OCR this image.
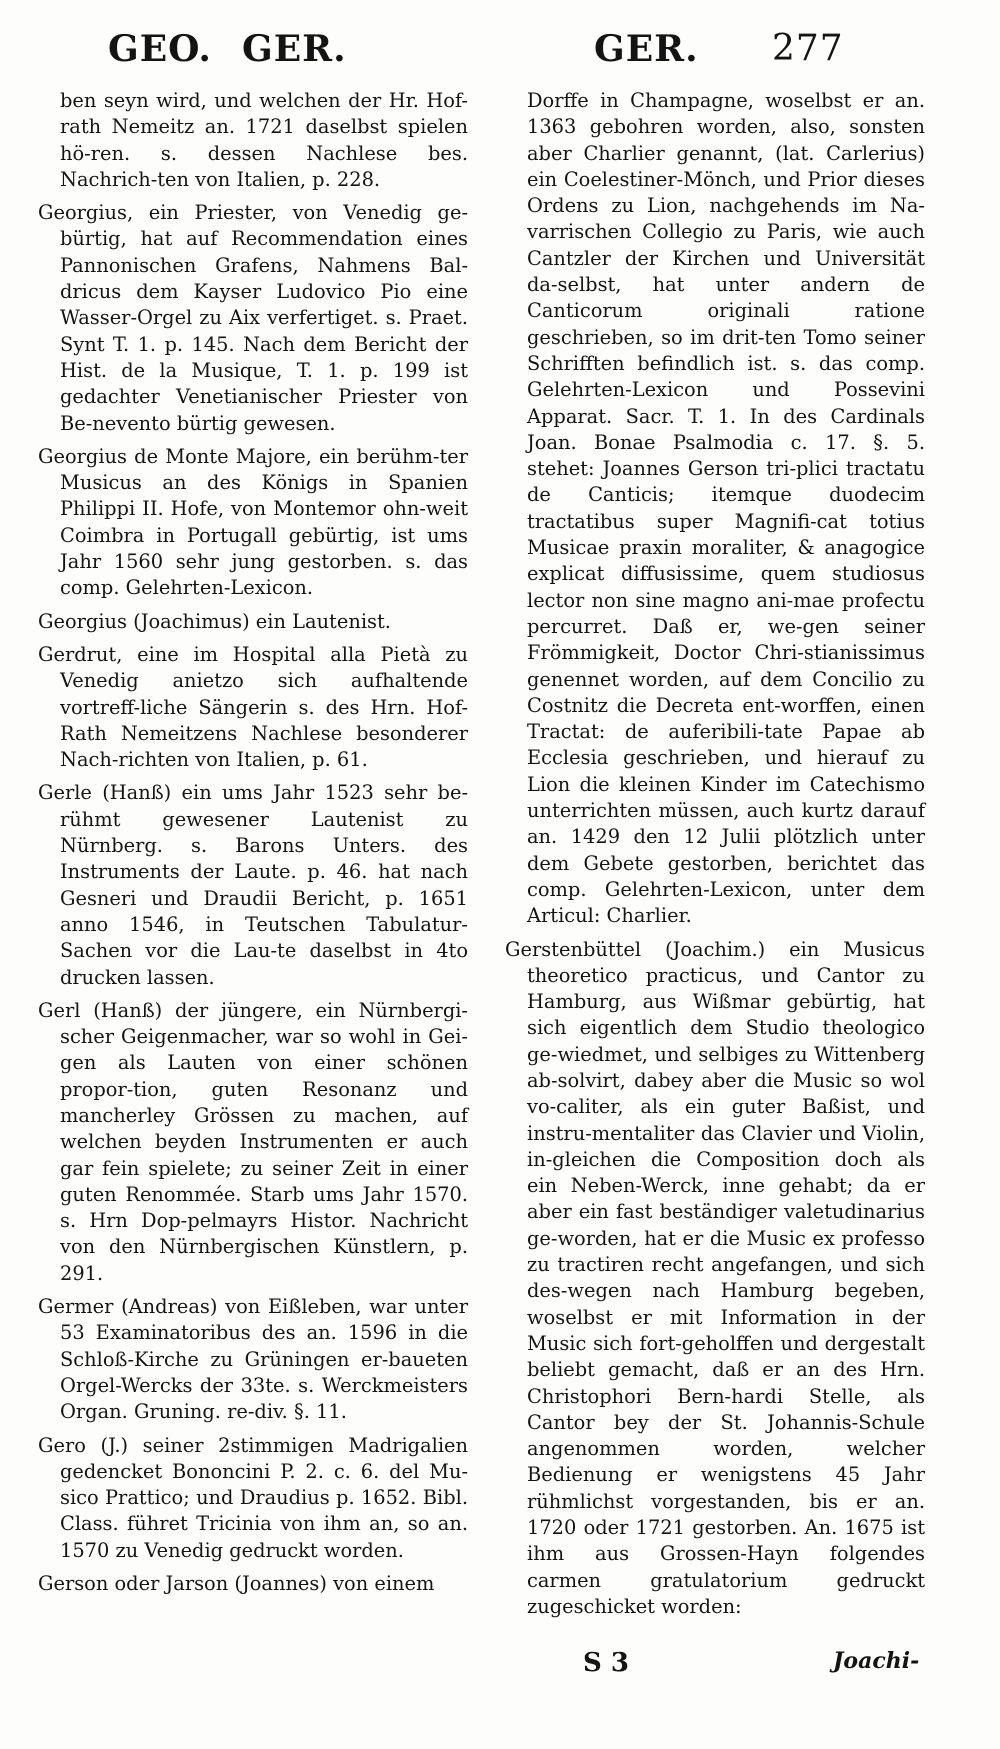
GEO. GER.	GER. 277

ben seyn wird, und welchen der Hr. Hof-rath Nemeitz an. 1721 daselbst spielen hö-ren. s. dessen Nachlese bes. Nachrich-ten von Italien, p. 228.

Georgius, ein Priester, von Venedig ge-bürtig, hat auf Recommendation eines Pannonischen Grafens, Nahmens Bal-dricus dem Kayser Ludovico Pio eine Wasser-Orgel zu Aix verfertiget. s. Praet. Synt T. 1. p. 145. Nach dem Bericht der Hist. de la Musique, T. 1. p. 199 ist gedachter Venetianischer Priester von Be-nevento bürtig gewesen.

Georgius de Monte Majore, ein berühm-ter Musicus an des Königs in Spanien Philippi II. Hofe, von Montemor ohn-weit Coimbra in Portugall gebürtig, ist ums Jahr 1560 sehr jung gestorben. s. das comp. Gelehrten-Lexicon.

Georgius (Joachimus) ein Lautenist.

Gerdrut, eine im Hospital alla Pietà zu Venedig anietzo sich aufhaltende vortreff-liche Sängerin s. des Hrn. Hof-Rath Nemeitzens Nachlese besonderer Nach-richten von Italien, p. 61.

Gerle (Hanß) ein ums Jahr 1523 sehr be-rühmt gewesener Lautenist zu Nürnberg. s. Barons Unters. des Instruments der Laute. p. 46. hat nach Gesneri und Draudii Bericht, p. 1651 anno 1546, in Teutschen Tabulatur-Sachen vor die Lau-te daselbst in 4to drucken lassen.

Gerl (Hanß) der jüngere, ein Nürnbergi-scher Geigenmacher, war so wohl in Gei-gen als Lauten von einer schönen propor-tion, guten Resonanz und mancherley Grössen zu machen, auf welchen beyden Instrumenten er auch gar fein spielete; zu seiner Zeit in einer guten Renommée. Starb ums Jahr 1570. s. Hrn Dop-pelmayrs Histor. Nachricht von den Nürnbergischen Künstlern, p. 291.

Germer (Andreas) von Eißleben, war unter 53 Examinatoribus des an. 1596 in die Schloß-Kirche zu Grüningen er-baueten Orgel-Wercks der 33te. s. Werckmeisters Organ. Gruning. re-div. §. 11.

Gero (J.) seiner 2stimmigen Madrigalien gedencket Bononcini P. 2. c. 6. del Mu-sico Prattico; und Draudius p. 1652. Bibl. Class. führet Tricinia von ihm an, so an. 1570 zu Venedig gedruckt worden.

Gerson oder Jarson (Joannes) von einem

Dorffe in Champagne, woselbst er an. 1363 gebohren worden, also, sonsten aber Charlier genannt, (lat. Carlerius) ein Coelestiner-Mönch, und Prior dieses Ordens zu Lion, nachgehends im Na-varrischen Collegio zu Paris, wie auch Cantzler der Kirchen und Universität da-selbst, hat unter andern de Canticorum originali ratione geschrieben, so im drit-ten Tomo seiner Schrifften befindlich ist. s. das comp. Gelehrten-Lexicon und Possevini Apparat. Sacr. T. 1. In des Cardinals Joan. Bonae Psalmodia c. 17. §. 5. stehet: Joannes Gerson tri-plici tractatu de Canticis; itemque duodecim tractatibus super Magnifi-cat totius Musicae praxin moraliter, & anagogice explicat diffusissime, quem studiosus lector non sine magno ani-mae profectu percurret. Daß er, we-gen seiner Frömmigkeit, Doctor Chri-stianissimus genennet worden, auf dem Concilio zu Costnitz die Decreta ent-worffen, einen Tractat: de auferibili-tate Papae ab Ecclesia geschrieben, und hierauf zu Lion die kleinen Kinder im Catechismo unterrichten müssen, auch kurtz darauf an. 1429 den 12 Julii plötzlich unter dem Gebete gestorben, berichtet das comp. Gelehrten-Lexicon, unter dem Articul: Charlier.

Gerstenbüttel (Joachim.) ein Musicus theoretico practicus, und Cantor zu Hamburg, aus Wißmar gebürtig, hat sich eigentlich dem Studio theologico ge-wiedmet, und selbiges zu Wittenberg ab-solvirt, dabey aber die Music so wol vo-caliter, als ein guter Baßist, und instru-mentaliter das Clavier und Violin, in-gleichen die Composition doch als ein Neben-Werck, inne gehabt; da er aber ein fast beständiger valetudinarius ge-worden, hat er die Music ex professo zu tractiren recht angefangen, und sich des-wegen nach Hamburg begeben, woselbst er mit Information in der Music sich fort-geholffen und dergestalt beliebt gemacht, daß er an des Hrn. Christophori Bern-hardi Stelle, als Cantor bey der St. Johannis-Schule angenommen worden, welcher Bedienung er wenigstens 45 Jahr rühmlichst vorgestanden, bis er an. 1720 oder 1721 gestorben. An. 1675 ist ihm aus Grossen-Hayn folgendes carmen gratulatorium gedruckt zugeschicket worden:

S 3	Joachi-
